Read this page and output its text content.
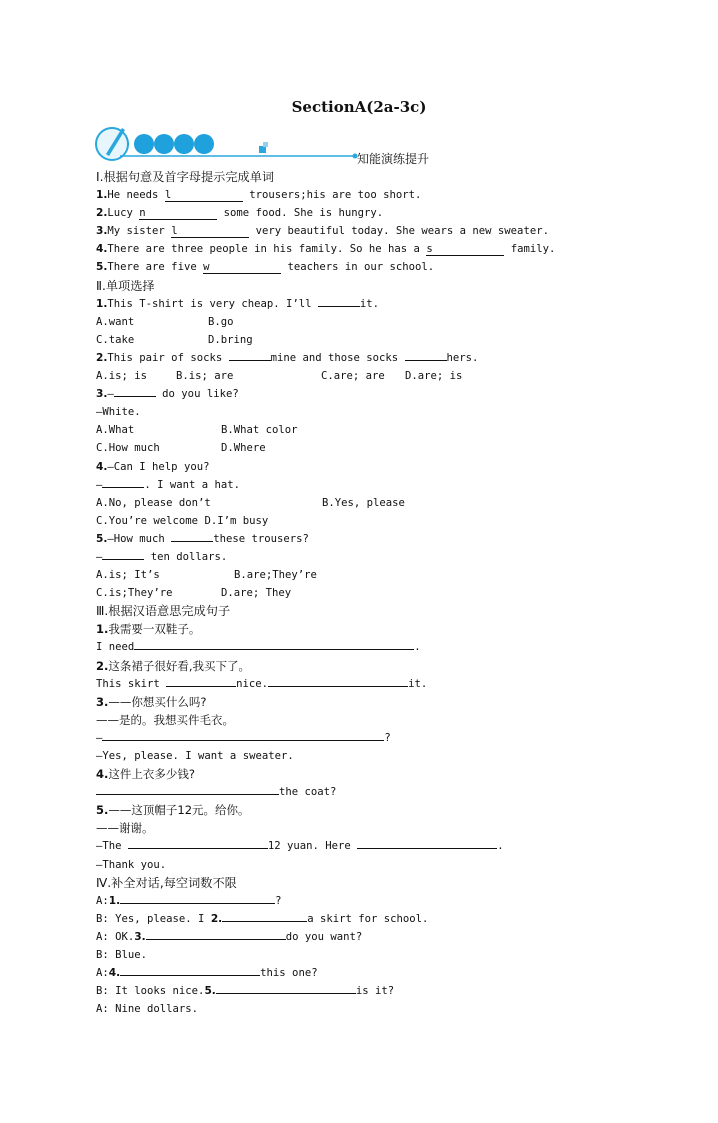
SectionA(2a-3c)
知能演练提升
Ⅰ.根据句意及首字母提示完成单词
1.He needs l	trousers;his are too short.
2.Lucy n	some food. She is hungry.
3.My sister l	very beautiful today. She wears a new sweater.
4.There are three people in his family. So he has a s	family.
5.There are five w	teachers in our school.
Ⅱ.单项选择
1.This T-shirt is very cheap. I’ll	it.
A.want	B.go
C.take	D.bring
2.This pair of socks	mine and those socks	hers.
A.is; is	B.is; are	C.are; are D.are; is
3.—	do you like?
—White.
A.What	B.What color
C.How much	D.Where
4.—Can I help you?
—	. I want a hat.
A.No, please don’t	B.Yes, please
C.You’re welcome D.I’m busy
5.—How much	these trousers?
—	ten dollars.
A.is; It’s	B.are;They’re
C.is;They’re	D.are; They
Ⅲ.根据汉语意思完成句子
1.我需要一双鞋子。
I need	.
2.这条裙子很好看,我买下了。
This skirt	nice.	it.
3.——你想买什么吗?
——是的。我想买件毛衣。
—	?
—Yes, please. I want a sweater.
4.这件上衣多少钱?
the coat?
5.——这顶帽子12元。给你。
——谢谢。
—The	12 yuan. Here	.
—Thank you.
Ⅳ.补全对话,每空词数不限
A:1.	?
B: Yes, please. I 2.	a skirt for school.
A: OK.3.	do you want?
B: Blue.
A:4.	this one?
B: It looks nice.5.	is it?
A: Nine dollars.
